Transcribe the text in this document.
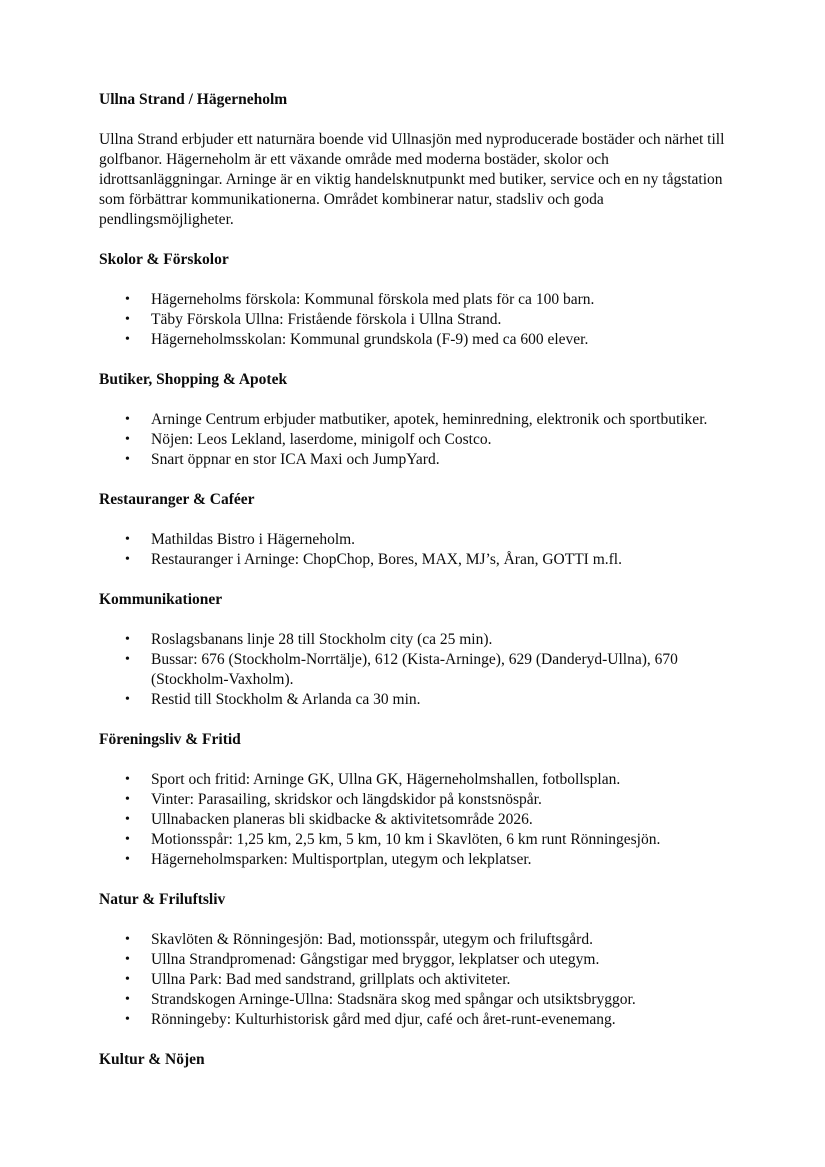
Ullna Strand / Hägerneholm

Ullna Strand erbjuder ett naturnära boende vid Ullnasjön med nyproducerade bostäder och närhet till golfbanor. Hägerneholm är ett växande område med moderna bostäder, skolor och idrottsanläggningar. Arninge är en viktig handelsknutpunkt med butiker, service och en ny tågstation som förbättrar kommunikationerna. Området kombinerar natur, stadsliv och goda pendlingsmöjligheter.

Skolor & Förskolor
• Hägerneholms förskola: Kommunal förskola med plats för ca 100 barn.
• Täby Förskola Ullna: Fristående förskola i Ullna Strand.
• Hägerneholmsskolan: Kommunal grundskola (F-9) med ca 600 elever.
Butiker, Shopping & Apotek
• Arninge Centrum erbjuder matbutiker, apotek, heminredning, elektronik och sportbutiker.
• Nöjen: Leos Lekland, laserdome, minigolf och Costco.
• Snart öppnar en stor ICA Maxi och JumpYard.
Restauranger & Caféer
• Mathildas Bistro i Hägerneholm.
• Restauranger i Arninge: ChopChop, Bores, MAX, MJ’s, Åran, GOTTI m.fl.
Kommunikationer
• Roslagsbanans linje 28 till Stockholm city (ca 25 min).
• Bussar: 676 (Stockholm-Norrtälje), 612 (Kista-Arninge), 629 (Danderyd-Ullna), 670 (Stockholm-Vaxholm).
• Restid till Stockholm & Arlanda ca 30 min.
Föreningsliv & Fritid
• Sport och fritid: Arninge GK, Ullna GK, Hägerneholmshallen, fotbollsplan.
• Vinter: Parasailing, skridskor och längdskidor på konstsnöspår.
• Ullnabacken planeras bli skidbacke & aktivitetsområde 2026.
• Motionsspår: 1,25 km, 2,5 km, 5 km, 10 km i Skavlöten, 6 km runt Rönningesjön.
• Hägerneholmsparken: Multisportplan, utegym och lekplatser.
Natur & Friluftsliv
• Skavlöten & Rönningesjön: Bad, motionsspår, utegym och friluftsgård.
• Ullna Strandpromenad: Gångstigar med bryggor, lekplatser och utegym.
• Ullna Park: Bad med sandstrand, grillplats och aktiviteter.
• Strandskogen Arninge-Ullna: Stadsnära skog med spångar och utsiktsbryggor.
• Rönningeby: Kulturhistorisk gård med djur, café och året-runt-evenemang.
Kultur & Nöjen
